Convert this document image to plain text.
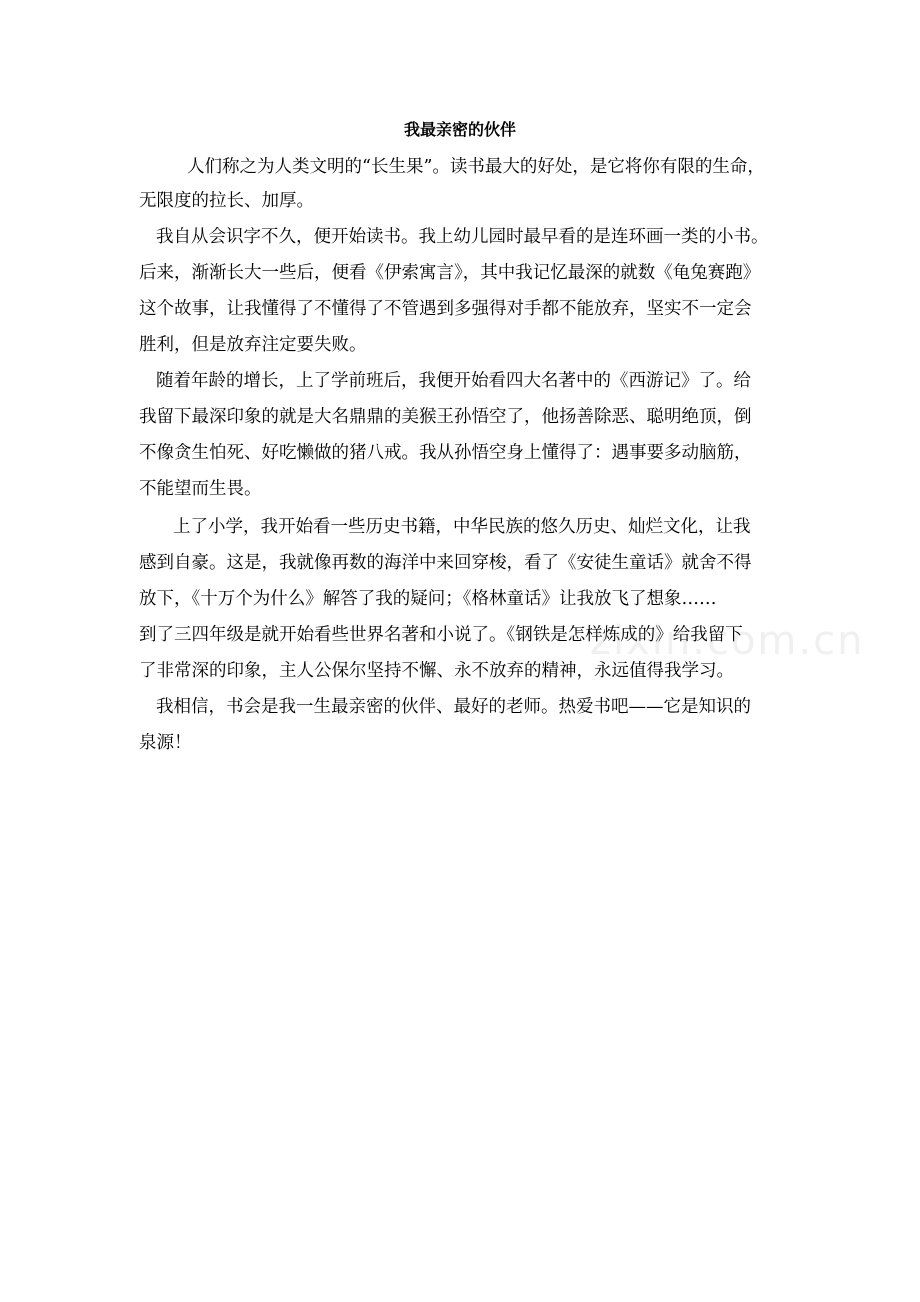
我最亲密的伙伴
人们称之为人类文明的“长生果”。读书最大的好处，是它将你有限的生命，
无限度的拉长、加厚。
我自从会识字不久，便开始读书。我上幼儿园时最早看的是连环画一类的小书。
后来，渐渐长大一些后，便看《伊索寓言》，其中我记忆最深的就数《龟兔赛跑》
这个故事，让我懂得了不懂得了不管遇到多强得对手都不能放弃，坚实不一定会
胜利，但是放弃注定要失败。
随着年龄的增长，上了学前班后，我便开始看四大名著中的《西游记》了。给
我留下最深印象的就是大名鼎鼎的美猴王孙悟空了，他扬善除恶、聪明绝顶，倒
不像贪生怕死、好吃懒做的猪八戒。我从孙悟空身上懂得了：遇事要多动脑筋，
不能望而生畏。
上了小学，我开始看一些历史书籍，中华民族的悠久历史、灿烂文化，让我
感到自豪。这是，我就像再数的海洋中来回穿梭，看了《安徒生童话》就舍不得
放下，《十万个为什么》解答了我的疑问；《格林童话》让我放飞了想象……
到了三四年级是就开始看些世界名著和小说了。《钢铁是怎样炼成的》给我留下
了非常深的印象，主人公保尔坚持不懈、永不放弃的精神，永远值得我学习。
我相信，书会是我一生最亲密的伙伴、最好的老师。热爱书吧——它是知识的
泉源！
zixin.com.cn
